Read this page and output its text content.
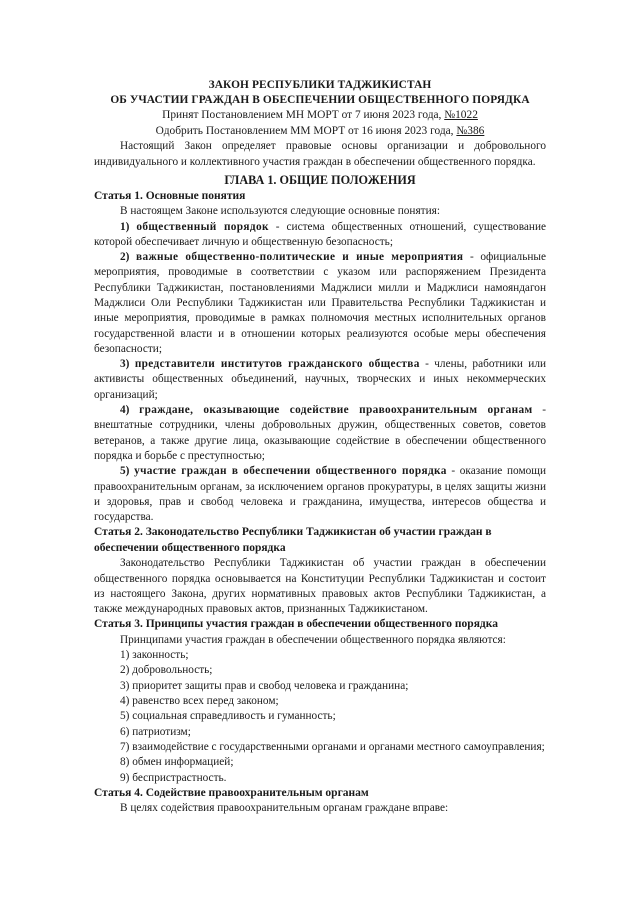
ЗАКОН РЕСПУБЛИКИ ТАДЖИКИСТАН
ОБ УЧАСТИИ ГРАЖДАН В ОБЕСПЕЧЕНИИ ОБЩЕСТВЕННОГО ПОРЯДКА
Принят Постановлением МН МОРТ от 7 июня 2023 года, №1022
Одобрить Постановлением ММ МОРТ от 16 июня 2023 года, №386

Настоящий Закон определяет правовые основы организации и добровольного индивидуального и коллективного участия граждан в обеспечении общественного порядка.

ГЛАВА 1. ОБЩИЕ ПОЛОЖЕНИЯ

Статья 1. Основные понятия

В настоящем Законе используются следующие основные понятия:

1) общественный порядок - система общественных отношений, существование которой обеспечивает личную и общественную безопасность;

2) важные общественно-политические и иные мероприятия - официальные мероприятия, проводимые в соответствии с указом или распоряжением Президента Республики Таджикистан, постановлениями Маджлиси милли и Маджлиси намояндагон Маджлиси Оли Республики Таджикистан или Правительства Республики Таджикистан и иные мероприятия, проводимые в рамках полномочия местных исполнительных органов государственной власти и в отношении которых реализуются особые меры обеспечения безопасности;

3) представители институтов гражданского общества - члены, работники или активисты общественных объединений, научных, творческих и иных некоммерческих организаций;

4) граждане, оказывающие содействие правоохранительным органам - внештатные сотрудники, члены добровольных дружин, общественных советов, советов ветеранов, а также другие лица, оказывающие содействие в обеспечении общественного порядка и борьбе с преступностью;

5) участие граждан в обеспечении общественного порядка - оказание помощи правоохранительным органам, за исключением органов прокуратуры, в целях защиты жизни и здоровья, прав и свобод человека и гражданина, имущества, интересов общества и государства.

Статья 2. Законодательство Республики Таджикистан об участии граждан в

обеспечении общественного порядка

Законодательство Республики Таджикистан об участии граждан в обеспечении общественного порядка основывается на Конституции Республики Таджикистан и состоит из настоящего Закона, других нормативных правовых актов Республики Таджикистан, а также международных правовых актов, признанных Таджикистаном.

Статья 3. Принципы участия граждан в обеспечении общественного порядка

Принципами участия граждан в обеспечении общественного порядка являются:

1) законность;

2) добровольность;

3) приоритет защиты прав и свобод человека и гражданина;

4) равенство всех перед законом;

5) социальная справедливость и гуманность;

6) патриотизм;

7) взаимодействие с государственными органами и органами местного самоуправления;

8) обмен информацией;

9) беспристрастность.

Статья 4. Содействие правоохранительным органам

В целях содействия правоохранительным органам граждане вправе:
